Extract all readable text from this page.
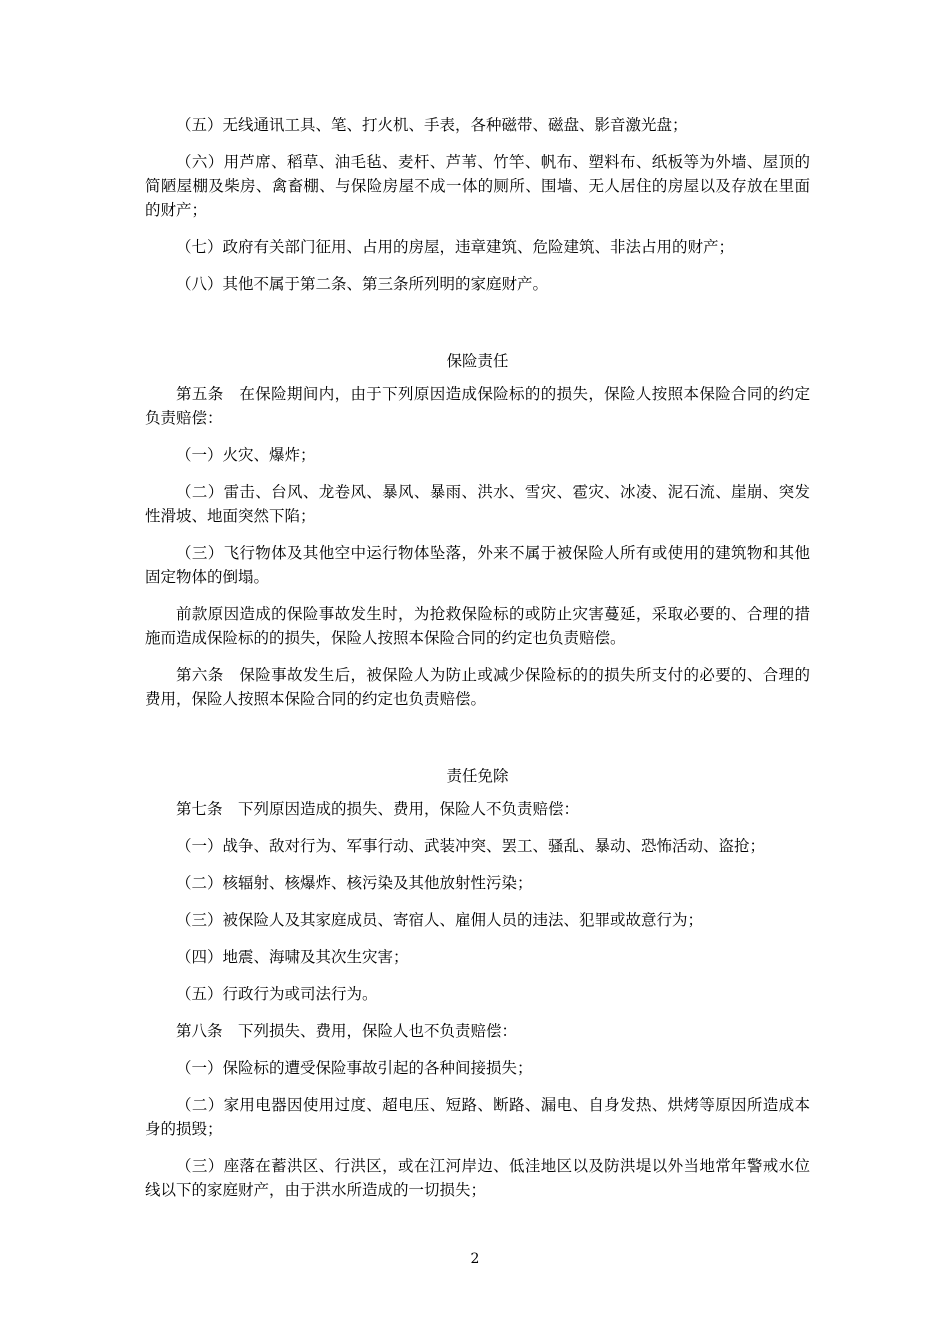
（五）无线通讯工具、笔、打火机、手表，各种磁带、磁盘、影音激光盘；

（六）用芦席、稻草、油毛毡、麦杆、芦苇、竹竿、帆布、塑料布、纸板等为外墙、屋顶的简陋屋棚及柴房、禽畜棚、与保险房屋不成一体的厕所、围墙、无人居住的房屋以及存放在里面的财产；

（七）政府有关部门征用、占用的房屋，违章建筑、危险建筑、非法占用的财产；

（八）其他不属于第二条、第三条所列明的家庭财产。

保险责任

第五条　在保险期间内，由于下列原因造成保险标的的损失，保险人按照本保险合同的约定负责赔偿：

（一）火灾、爆炸；

（二）雷击、台风、龙卷风、暴风、暴雨、洪水、雪灾、雹灾、冰凌、泥石流、崖崩、突发性滑坡、地面突然下陷；

（三）飞行物体及其他空中运行物体坠落，外来不属于被保险人所有或使用的建筑物和其他固定物体的倒塌。

前款原因造成的保险事故发生时，为抢救保险标的或防止灾害蔓延，采取必要的、合理的措施而造成保险标的的损失，保险人按照本保险合同的约定也负责赔偿。

第六条　保险事故发生后，被保险人为防止或减少保险标的的损失所支付的必要的、合理的费用，保险人按照本保险合同的约定也负责赔偿。

责任免除

第七条　下列原因造成的损失、费用，保险人不负责赔偿：

（一）战争、敌对行为、军事行动、武装冲突、罢工、骚乱、暴动、恐怖活动、盗抢；

（二）核辐射、核爆炸、核污染及其他放射性污染；

（三）被保险人及其家庭成员、寄宿人、雇佣人员的违法、犯罪或故意行为；

（四）地震、海啸及其次生灾害；

（五）行政行为或司法行为。

第八条　下列损失、费用，保险人也不负责赔偿：

（一）保险标的遭受保险事故引起的各种间接损失；

（二）家用电器因使用过度、超电压、短路、断路、漏电、自身发热、烘烤等原因所造成本身的损毁；

（三）座落在蓄洪区、行洪区，或在江河岸边、低洼地区以及防洪堤以外当地常年警戒水位线以下的家庭财产，由于洪水所造成的一切损失；

2
